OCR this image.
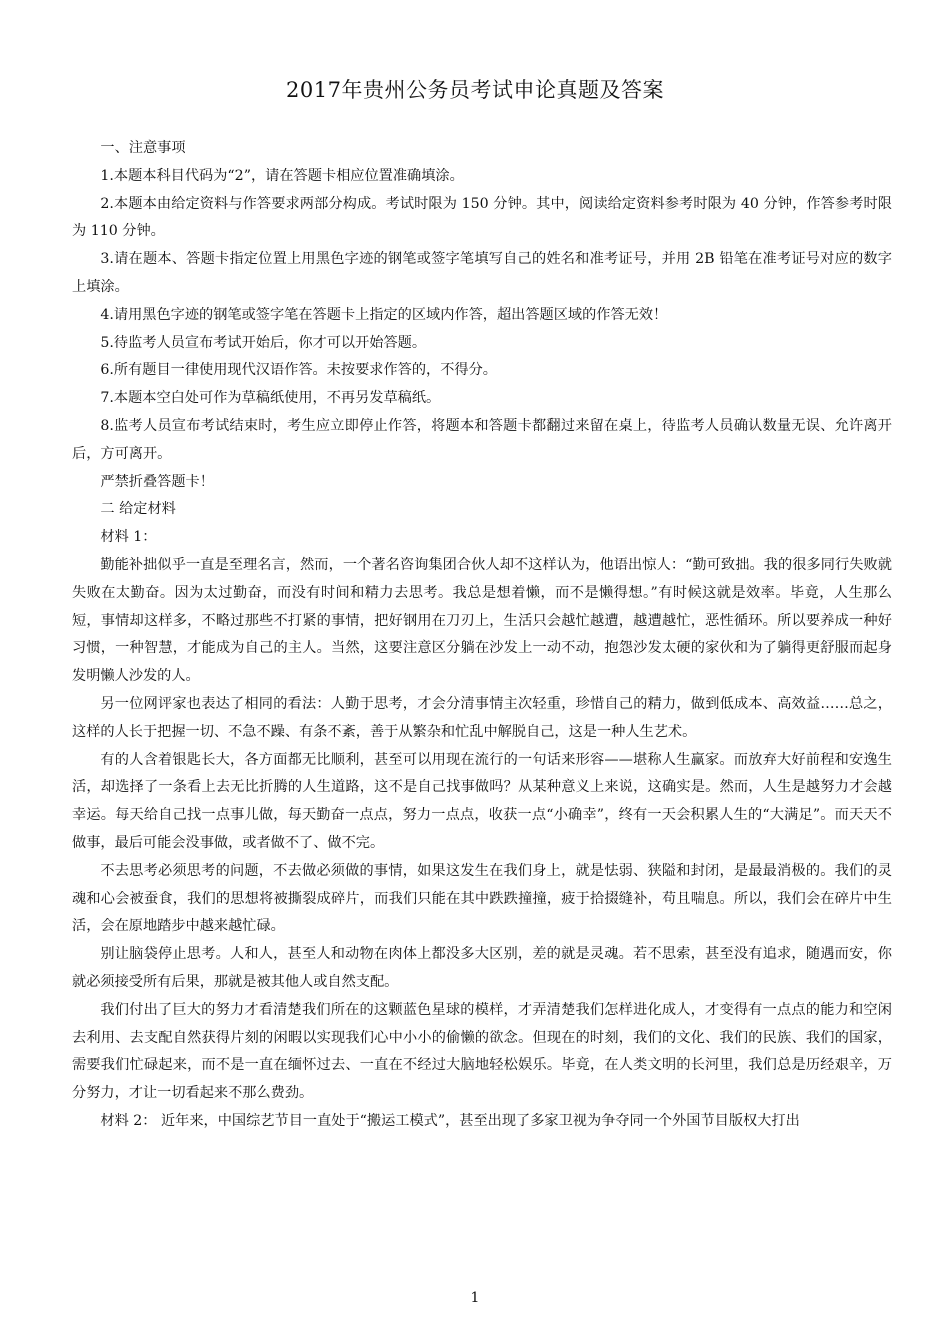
2017年贵州公务员考试申论真题及答案

一、注意事项

1.本题本科目代码为“2”，请在答题卡相应位置准确填涂。

2.本题本由给定资料与作答要求两部分构成。考试时限为 150 分钟。其中，阅读给定资料参考时限为 40 分钟，作答参考时限为 110 分钟。

3.请在题本、答题卡指定位置上用黑色字迹的钢笔或签字笔填写自己的姓名和准考证号，并用 2B 铅笔在准考证号对应的数字上填涂。

4.请用黑色字迹的钢笔或签字笔在答题卡上指定的区域内作答，超出答题区域的作答无效！

5.待监考人员宣布考试开始后，你才可以开始答题。

6.所有题目一律使用现代汉语作答。未按要求作答的，不得分。

7.本题本空白处可作为草稿纸使用，不再另发草稿纸。

8.监考人员宣布考试结束时，考生应立即停止作答，将题本和答题卡都翻过来留在桌上，待监考人员确认数量无误、允许离开后，方可离开。

严禁折叠答题卡！

二 给定材料

材料 1：

勤能补拙似乎一直是至理名言，然而，一个著名咨询集团合伙人却不这样认为，他语出惊人：“勤可致拙。我的很多同行失败就失败在太勤奋。因为太过勤奋，而没有时间和精力去思考。我总是想着懒，而不是懒得想。”有时候这就是效率。毕竟，人生那么短，事情却这样多，不略过那些不打紧的事情，把好钢用在刀刃上，生活只会越忙越遭，越遭越忙，恶性循环。所以要养成一种好习惯，一种智慧，才能成为自己的主人。当然，这要注意区分躺在沙发上一动不动，抱怨沙发太硬的家伙和为了躺得更舒服而起身发明懒人沙发的人。

另一位网评家也表达了相同的看法：人勤于思考，才会分清事情主次轻重，珍惜自己的精力，做到低成本、高效益……总之，这样的人长于把握一切、不急不躁、有条不紊，善于从繁杂和忙乱中解脱自己，这是一种人生艺术。

有的人含着银匙长大，各方面都无比顺利，甚至可以用现在流行的一句话来形容——堪称人生赢家。而放弃大好前程和安逸生活，却选择了一条看上去无比折腾的人生道路，这不是自己找事做吗？从某种意义上来说，这确实是。然而，人生是越努力才会越幸运。每天给自己找一点事儿做，每天勤奋一点点，努力一点点，收获一点“小确幸”，终有一天会积累人生的“大满足”。而天天不做事，最后可能会没事做，或者做不了、做不完。

不去思考必须思考的问题，不去做必须做的事情，如果这发生在我们身上，就是怯弱、狭隘和封闭，是最最消极的。我们的灵魂和心会被蚕食，我们的思想将被撕裂成碎片，而我们只能在其中跌跌撞撞，疲于拾掇缝补，苟且喘息。所以，我们会在碎片中生活，会在原地踏步中越来越忙碌。

别让脑袋停止思考。人和人，甚至人和动物在肉体上都没多大区别，差的就是灵魂。若不思索，甚至没有追求，随遇而安，你就必须接受所有后果，那就是被其他人或自然支配。

我们付出了巨大的努力才看清楚我们所在的这颗蓝色星球的模样，才弄清楚我们怎样进化成人，才变得有一点点的能力和空闲去利用、去支配自然获得片刻的闲暇以实现我们心中小小的偷懒的欲念。但现在的时刻，我们的文化、我们的民族、我们的国家，需要我们忙碌起来，而不是一直在缅怀过去、一直在不经过大脑地轻松娱乐。毕竟，在人类文明的长河里，我们总是历经艰辛，万分努力，才让一切看起来不那么费劲。

材料 2： 近年来，中国综艺节目一直处于“搬运工模式”，甚至出现了多家卫视为争夺同一个外国节目版权大打出

1
